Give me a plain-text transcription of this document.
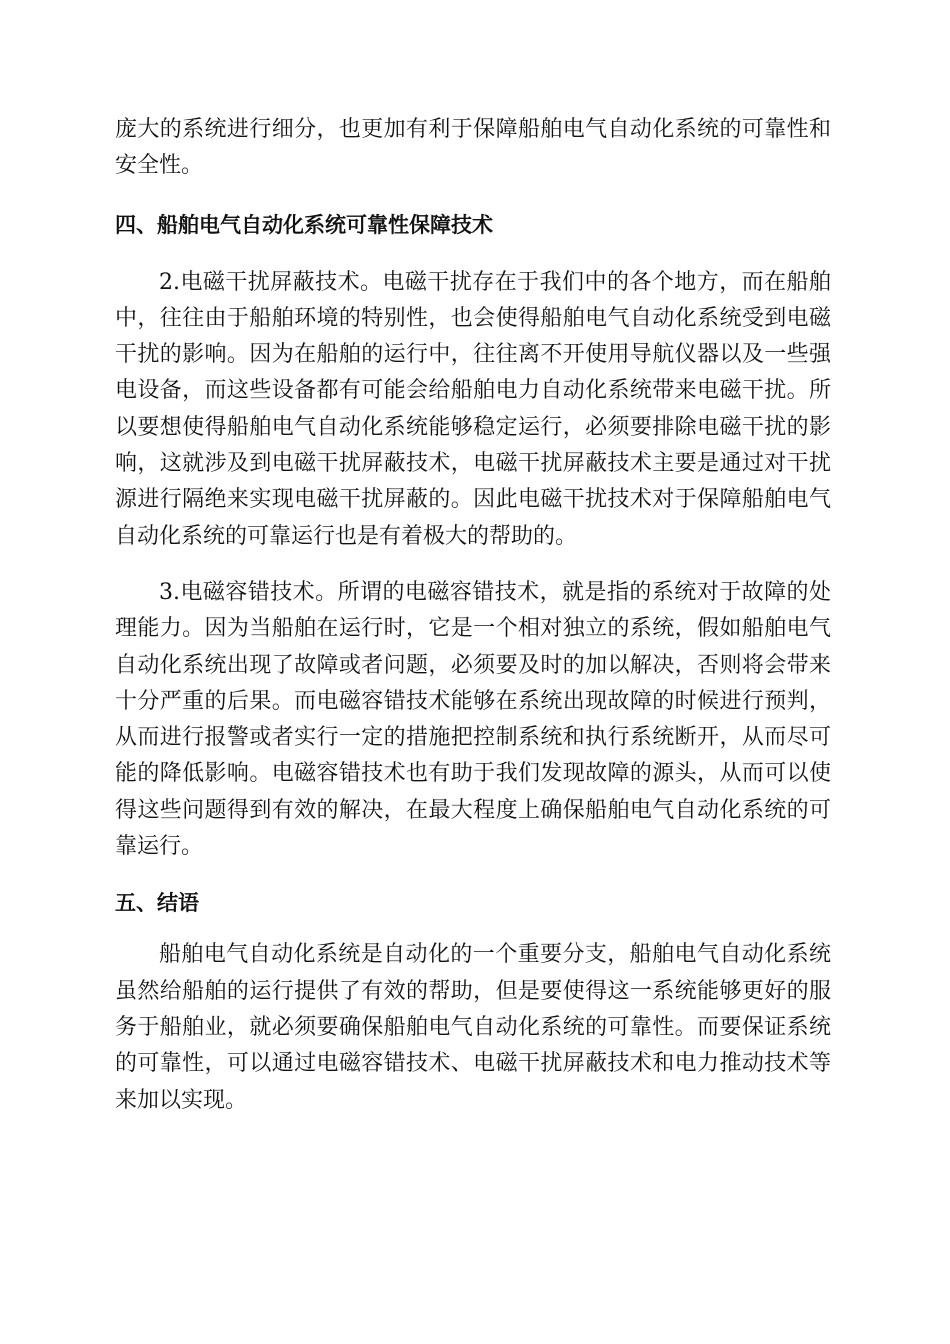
庞大的系统进行细分，也更加有利于保障船舶电气自动化系统的可靠性和安全性。

四、船舶电气自动化系统可靠性保障技术

2.电磁干扰屏蔽技术。电磁干扰存在于我们中的各个地方，而在船舶中，往往由于船舶环境的特别性，也会使得船舶电气自动化系统受到电磁干扰的影响。因为在船舶的运行中，往往离不开使用导航仪器以及一些强电设备，而这些设备都有可能会给船舶电力自动化系统带来电磁干扰。所以要想使得船舶电气自动化系统能够稳定运行，必须要排除电磁干扰的影响，这就涉及到电磁干扰屏蔽技术，电磁干扰屏蔽技术主要是通过对干扰源进行隔绝来实现电磁干扰屏蔽的。因此电磁干扰技术对于保障船舶电气自动化系统的可靠运行也是有着极大的帮助的。

3.电磁容错技术。所谓的电磁容错技术，就是指的系统对于故障的处理能力。因为当船舶在运行时，它是一个相对独立的系统，假如船舶电气自动化系统出现了故障或者问题，必须要及时的加以解决，否则将会带来十分严重的后果。而电磁容错技术能够在系统出现故障的时候进行预判，从而进行报警或者实行一定的措施把控制系统和执行系统断开，从而尽可能的降低影响。电磁容错技术也有助于我们发现故障的源头，从而可以使得这些问题得到有效的解决，在最大程度上确保船舶电气自动化系统的可靠运行。

五、结语

船舶电气自动化系统是自动化的一个重要分支，船舶电气自动化系统虽然给船舶的运行提供了有效的帮助，但是要使得这一系统能够更好的服务于船舶业，就必须要确保船舶电气自动化系统的可靠性。而要保证系统的可靠性，可以通过电磁容错技术、电磁干扰屏蔽技术和电力推动技术等来加以实现。
